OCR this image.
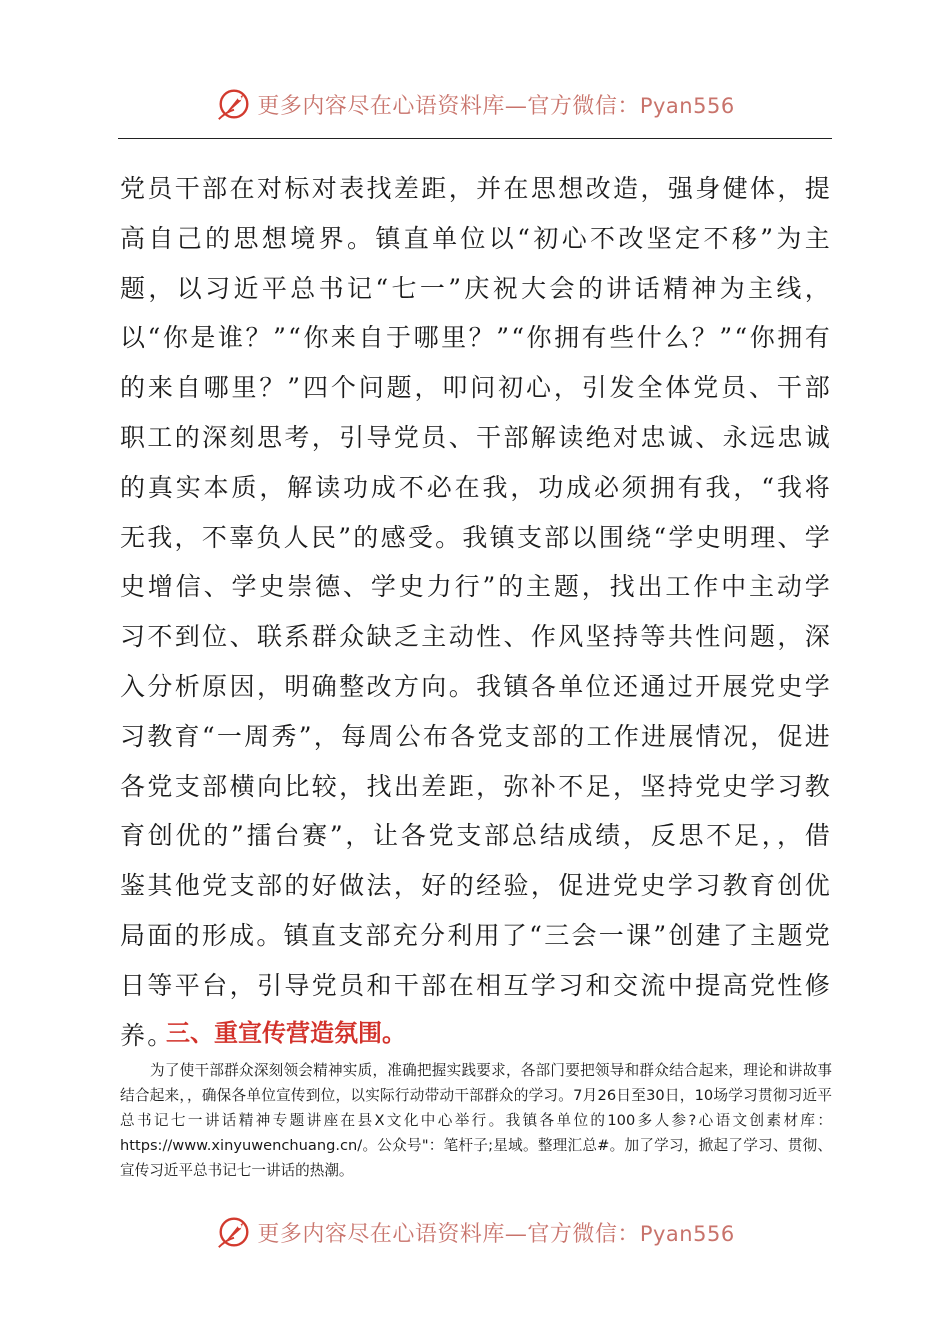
更多内容尽在心语资料库—官方微信：Pyan556

党员干部在对标对表找差距，并在思想改造，强身健体，提高自己的思想境界。镇直单位以“初心不改坚定不移”为主题，以习近平总书记“七一”庆祝大会的讲话精神为主线，以“你是谁？”“你来自于哪里？”“你拥有些什么？”“你拥有的来自哪里？”四个问题，叩问初心，引发全体党员、干部职工的深刻思考，引导党员、干部解读绝对忠诚、永远忠诚的真实本质，解读功成不必在我，功成必须拥有我，“我将无我，不辜负人民”的感受。我镇支部以围绕“学史明理、学史增信、学史崇德、学史力行”的主题，找出工作中主动学习不到位、联系群众缺乏主动性、作风坚持等共性问题，深入分析原因，明确整改方向。我镇各单位还通过开展党史学习教育“一周秀”，每周公布各党支部的工作进展情况，促进各党支部横向比较，找出差距，弥补不足，坚持党史学习教育创优的”擂台赛”，让各党支部总结成绩，反思不足，，借鉴其他党支部的好做法，好的经验，促进党史学习教育创优局面的形成。镇直支部充分利用了“三会一课”创建了主题党日等平台，引导党员和干部在相互学习和交流中提高党性修养。

三、重宣传营造氛围。

为了使干部群众深刻领会精神实质，准确把握实践要求，各部门要把领导和群众结合起来，理论和讲故事结合起来，，确保各单位宣传到位，以实际行动带动干部群众的学习。7月26日至30日，10场学习贯彻习近平总书记七一讲话精神专题讲座在县X文化中心举行。我镇各单位的100多人参?心语文创素材库：https://www.xinyuwenchuang.cn/。公众号"：笔杆子;星域。整理汇总#。加了学习，掀起了学习、贯彻、宣传习近平总书记七一讲话的热潮。

更多内容尽在心语资料库—官方微信：Pyan556
